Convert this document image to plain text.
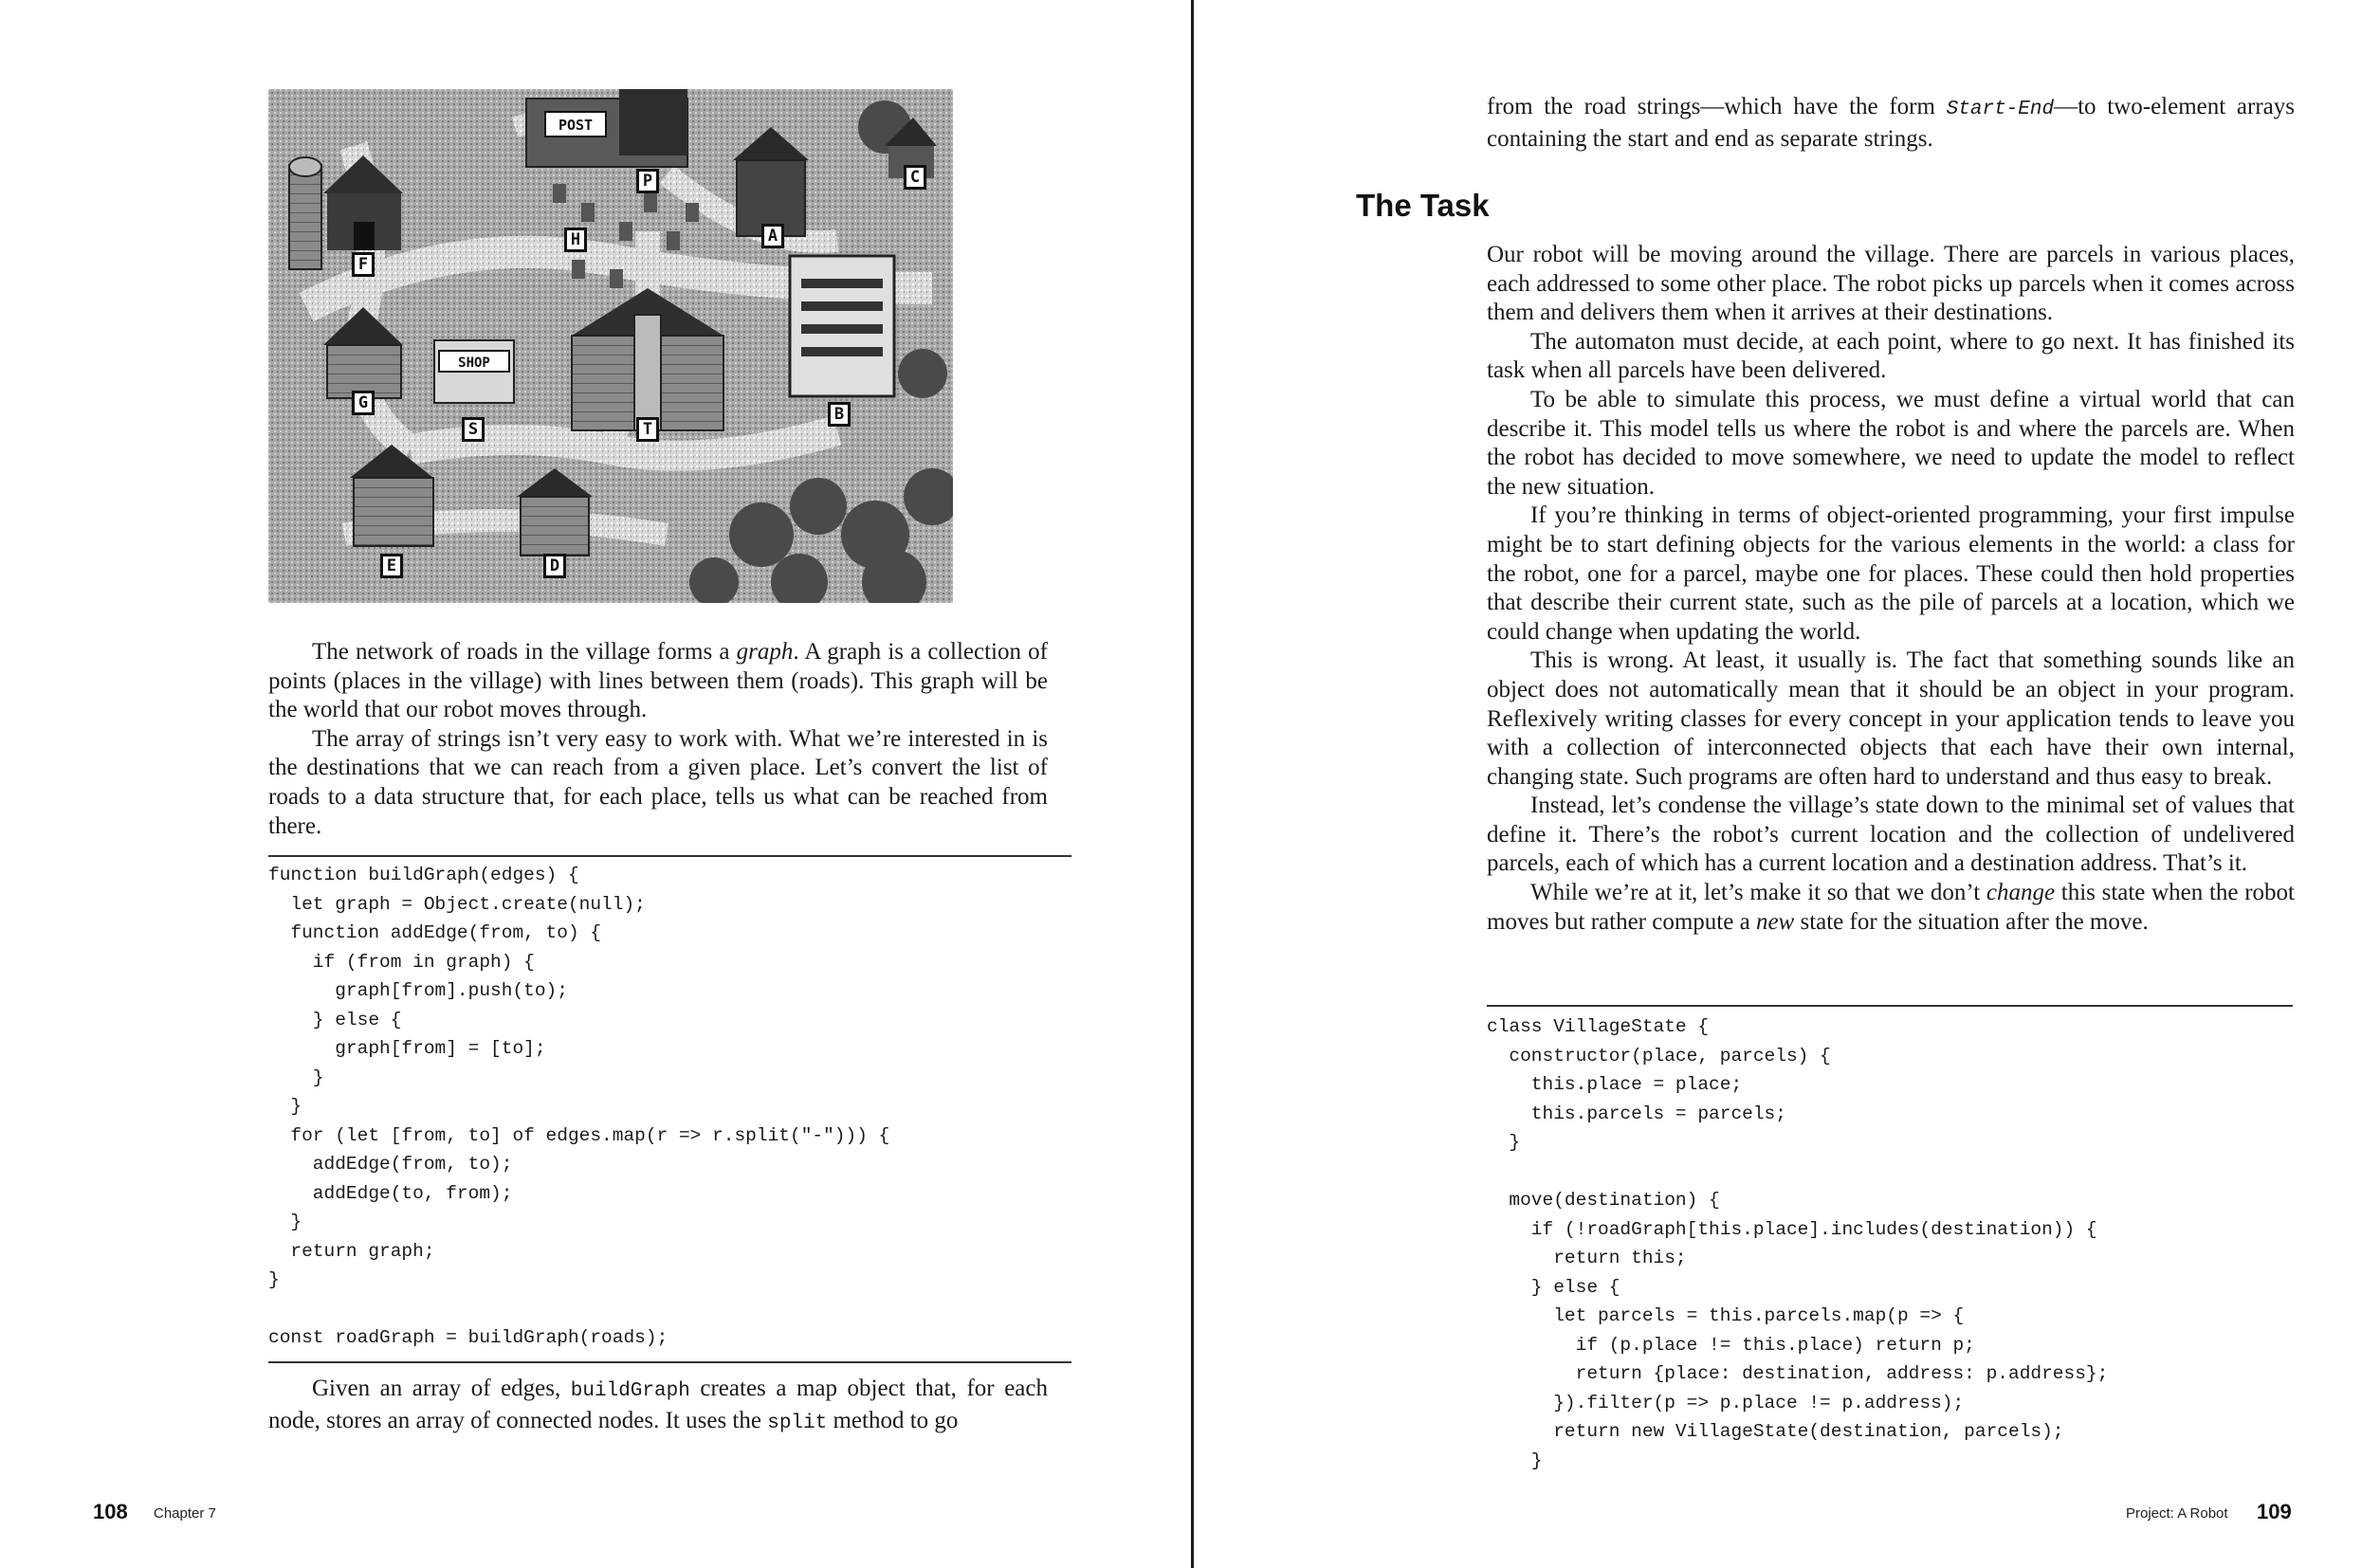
POST
SHOP
P	C
H	A
F
G
S	T
B
E	D

The network of roads in the village forms a graph. A graph is a collection of points (places in the village) with lines between them (roads). This graph will be the world that our robot moves through.

The array of strings isn’t very easy to work with. What we’re interested in is the destinations that we can reach from a given place. Let’s convert the list of roads to a data structure that, for each place, tells us what can be reached from there.

function buildGraph(edges) {
let graph = Object.create(null);
function addEdge(from, to) {
if (from in graph) {
graph[from].push(to);
} else {
graph[from] = [to];
}
}
for (let [from, to] of edges.map(r => r.split("-"))) {
addEdge(from, to);
addEdge(to, from);
}
return graph;
}

const roadGraph = buildGraph(roads);

Given an array of edges, buildGraph creates a map object that, for each node, stores an array of connected nodes. It uses the split method to go

108 Chapter 7

from the road strings—which have the form Start-End—to two-element arrays containing the start and end as separate strings.

The Task

Our robot will be moving around the village. There are parcels in various places, each addressed to some other place. The robot picks up parcels when it comes across them and delivers them when it arrives at their destinations.

The automaton must decide, at each point, where to go next. It has finished its task when all parcels have been delivered.

To be able to simulate this process, we must define a virtual world that can describe it. This model tells us where the robot is and where the parcels are. When the robot has decided to move somewhere, we need to update the model to reflect the new situation.

If you’re thinking in terms of object-oriented programming, your first impulse might be to start defining objects for the various elements in the world: a class for the robot, one for a parcel, maybe one for places. These could then hold properties that describe their current state, such as the pile of parcels at a location, which we could change when updating the world.

This is wrong. At least, it usually is. The fact that something sounds like an object does not automatically mean that it should be an object in your program. Reflexively writing classes for every concept in your application tends to leave you with a collection of interconnected objects that each have their own internal, changing state. Such programs are often hard to understand and thus easy to break.

Instead, let’s condense the village’s state down to the minimal set of values that define it. There’s the robot’s current location and the collection of undelivered parcels, each of which has a current location and a destination address. That’s it.

While we’re at it, let’s make it so that we don’t change this state when the robot moves but rather compute a new state for the situation after the move.

class VillageState {
constructor(place, parcels) {
this.place = place;
this.parcels = parcels;
}

move(destination) {
if (!roadGraph[this.place].includes(destination)) {
return this;
} else {
let parcels = this.parcels.map(p => {
if (p.place != this.place) return p;
return {place: destination, address: p.address};
}).filter(p => p.place != p.address);
return new VillageState(destination, parcels);
}
Project: A Robot 109
